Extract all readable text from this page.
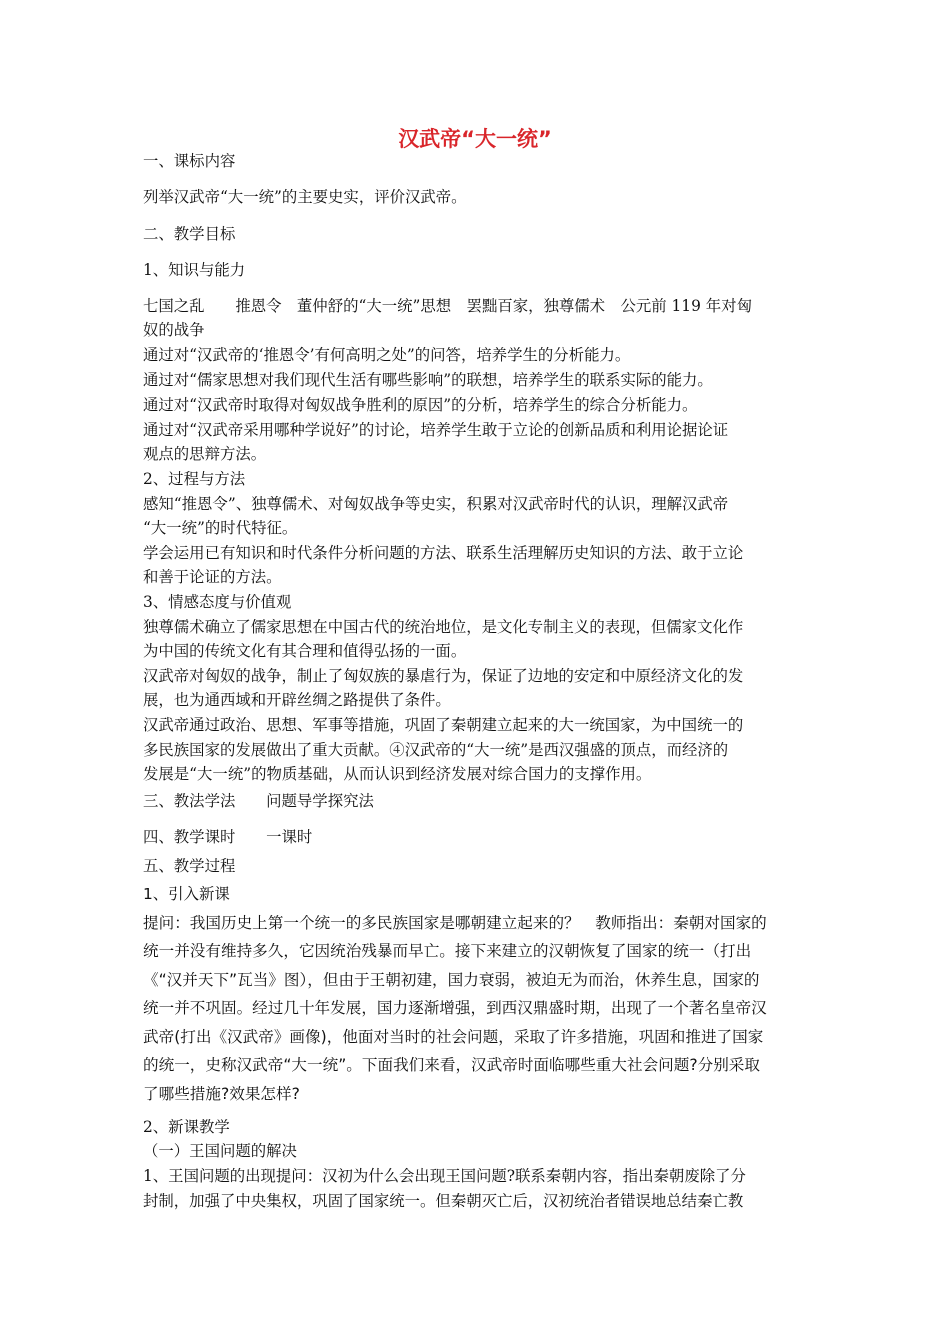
汉武帝“大一统”

一、课标内容

列举汉武帝“大一统”的主要史实，评价汉武帝。

二、教学目标

1、知识与能力

七国之乱　　推恩令　董仲舒的“大一统”思想　罢黜百家，独尊儒术　公元前 119 年对匈

奴的战争

通过对“汉武帝的‘推恩令’有何高明之处”的问答，培养学生的分析能力。

通过对“儒家思想对我们现代生活有哪些影响”的联想，培养学生的联系实际的能力。

通过对“汉武帝时取得对匈奴战争胜利的原因”的分析，培养学生的综合分析能力。

通过对“汉武帝采用哪种学说好”的讨论，培养学生敢于立论的创新品质和利用论据论证

观点的思辩方法。

2、过程与方法

感知“推恩令”、独尊儒术、对匈奴战争等史实，积累对汉武帝时代的认识，理解汉武帝

“大一统”的时代特征。

学会运用已有知识和时代条件分析问题的方法、联系生活理解历史知识的方法、敢于立论

和善于论证的方法。

3、情感态度与价值观

独尊儒术确立了儒家思想在中国古代的统治地位，是文化专制主义的表现，但儒家文化作

为中国的传统文化有其合理和值得弘扬的一面。

汉武帝对匈奴的战争，制止了匈奴族的暴虐行为，保证了边地的安定和中原经济文化的发

展，也为通西域和开辟丝绸之路提供了条件。

汉武帝通过政治、思想、军事等措施，巩固了秦朝建立起来的大一统国家，为中国统一的

多民族国家的发展做出了重大贡献。④汉武帝的“大一统”是西汉强盛的顶点，而经济的

发展是“大一统”的物质基础，从而认识到经济发展对综合国力的支撑作用。

三、教法学法　　问题导学探究法

四、教学课时　　一课时

五、教学过程

1、引入新课

提问：我国历史上第一个统一的多民族国家是哪朝建立起来的？　教师指出：秦朝对国家的

统一并没有维持多久，它因统治残暴而早亡。接下来建立的汉朝恢复了国家的统一（打出

《“汉并天下”瓦当》图），但由于王朝初建，国力衰弱，被迫无为而治，休养生息，国家的

统一并不巩固。经过几十年发展，国力逐渐增强，到西汉鼎盛时期，出现了一个著名皇帝汉

武帝(打出《汉武帝》画像)，他面对当时的社会问题，采取了许多措施，巩固和推进了国家

的统一，史称汉武帝“大一统”。下面我们来看，汉武帝时面临哪些重大社会问题?分别采取

了哪些措施?效果怎样?

2、新课教学

（一）王国问题的解决

1、王国问题的出现提问：汉初为什么会出现王国问题?联系秦朝内容，指出秦朝废除了分

封制，加强了中央集权，巩固了国家统一。但秦朝灭亡后，汉初统治者错误地总结秦亡教
